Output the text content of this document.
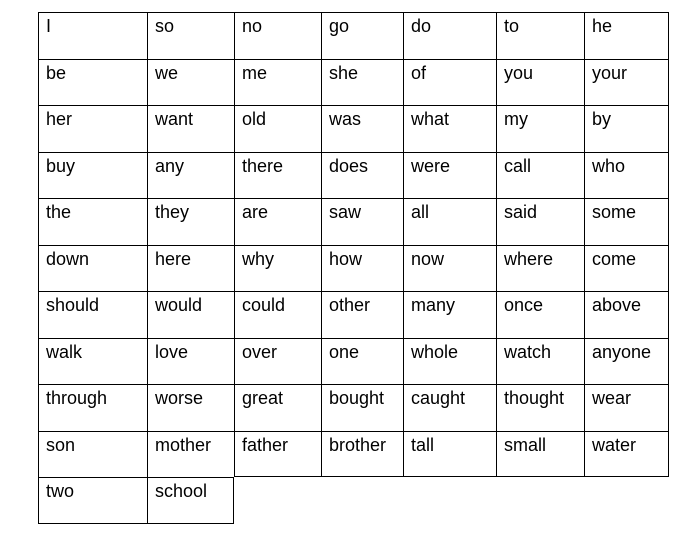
I	so	no	go	do	to	he
be	we	me	she	of	you	your
her	want	old	was	what	my	by
buy	any	there	does	were	call	who
the	they	are	saw	all	said	some
down	here	why	how	now	where	come
should	would	could	other	many	once	above
walk	love	over	one	whole	watch	anyone
through	worse	great	bought	caught	thought	wear
son	mother	father	brother	tall	small	water
two	school
